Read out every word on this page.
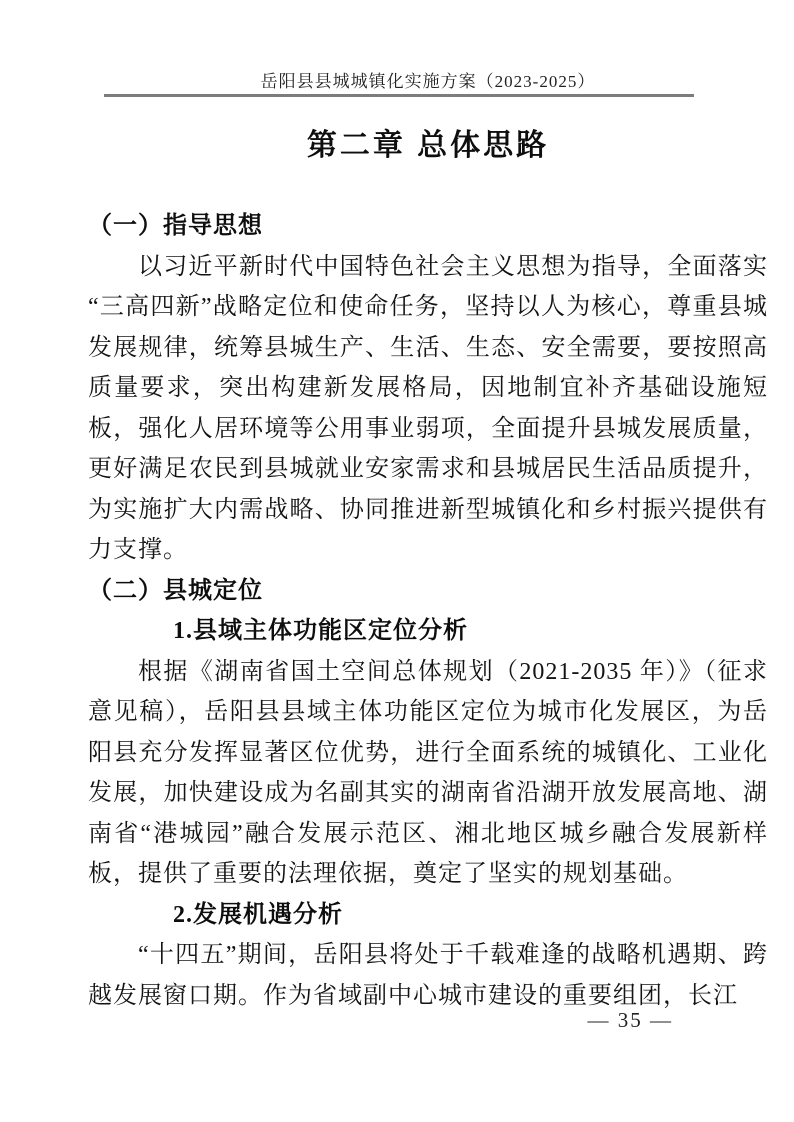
岳阳县县城城镇化实施方案（2023-2025）
第二章 总体思路
（一）指导思想

以习近平新时代中国特色社会主义思想为指导，全面落实“三高四新”战略定位和使命任务，坚持以人为核心，尊重县城发展规律，统筹县城生产、生活、生态、安全需要，要按照高质量要求，突出构建新发展格局，因地制宜补齐基础设施短板，强化人居环境等公用事业弱项，全面提升县城发展质量，更好满足农民到县城就业安家需求和县城居民生活品质提升，为实施扩大内需战略、协同推进新型城镇化和乡村振兴提供有力支撑。

（二）县城定位
1.县域主体功能区定位分析

根据《湖南省国土空间总体规划（2021-2035 年）》（征求意见稿），岳阳县县域主体功能区定位为城市化发展区，为岳阳县充分发挥显著区位优势，进行全面系统的城镇化、工业化发展，加快建设成为名副其实的湖南省沿湖开放发展高地、湖南省“港城园”融合发展示范区、湘北地区城乡融合发展新样板，提供了重要的法理依据，奠定了坚实的规划基础。

2.发展机遇分析

“十四五”期间，岳阳县将处于千载难逢的战略机遇期、跨越发展窗口期。作为省域副中心城市建设的重要组团，长江

— 35 —
